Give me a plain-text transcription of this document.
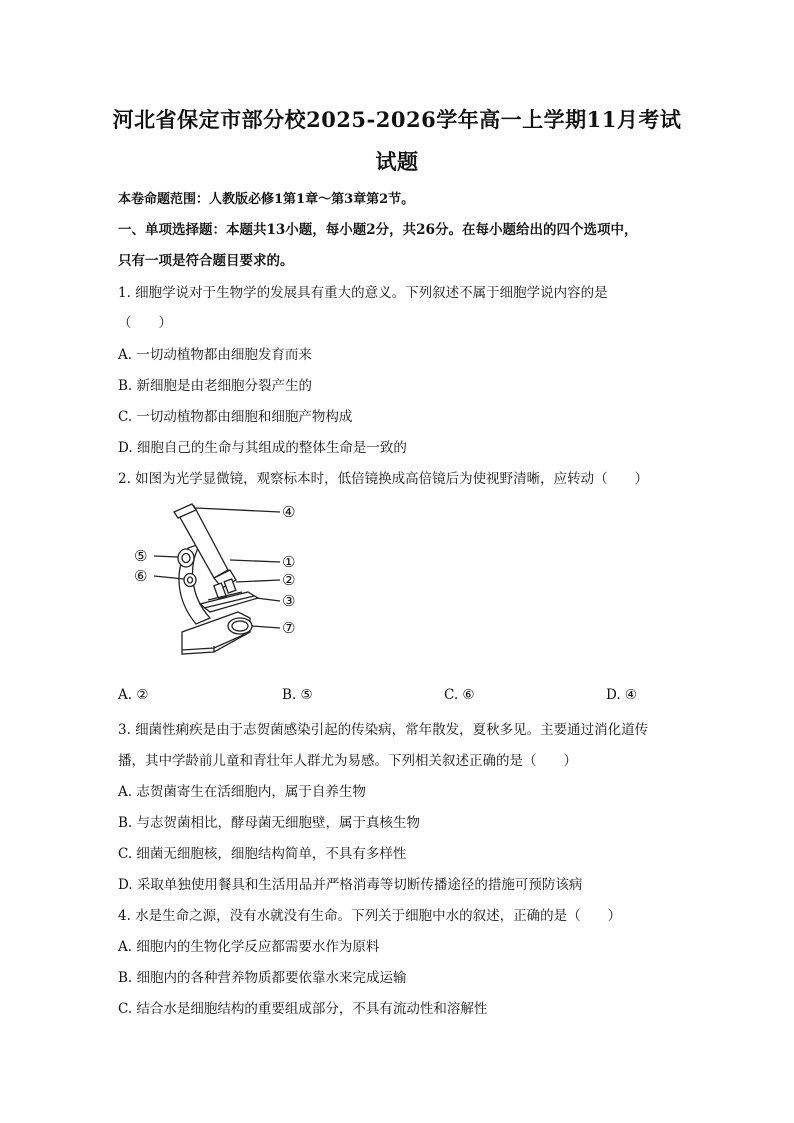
河北省保定市部分校2025-2026学年高一上学期11月考试
试题
本卷命题范围：人教版必修1第1章～第3章第2节。
一、单项选择题：本题共13小题，每小题2分，共26分。在每小题给出的四个选项中，
只有一项是符合题目要求的。
1. 细胞学说对于生物学的发展具有重大的意义。下列叙述不属于细胞学说内容的是
（　　）
A. 一切动植物都由细胞发育而来
B. 新细胞是由老细胞分裂产生的
C. 一切动植物都由细胞和细胞产物构成
D. 细胞自己的生命与其组成的整体生命是一致的
2. 如图为光学显微镜，观察标本时，低倍镜换成高倍镜后为使视野清晰，应转动（　　）
④
⑤
⑥
①
②
③
⑦
A. ②	B. ⑤	C. ⑥	D. ④
3. 细菌性痢疾是由于志贺菌感染引起的传染病，常年散发，夏秋多见。主要通过消化道传
播，其中学龄前儿童和青壮年人群尤为易感。下列相关叙述正确的是（　　）
A. 志贺菌寄生在活细胞内，属于自养生物
B. 与志贺菌相比，酵母菌无细胞壁，属于真核生物
C. 细菌无细胞核，细胞结构简单，不具有多样性
D. 采取单独使用餐具和生活用品并严格消毒等切断传播途径的措施可预防该病
4. 水是生命之源，没有水就没有生命。下列关于细胞中水的叙述，正确的是（　　）
A. 细胞内的生物化学反应都需要水作为原料
B. 细胞内的各种营养物质都要依靠水来完成运输
C. 结合水是细胞结构的重要组成部分，不具有流动性和溶解性
